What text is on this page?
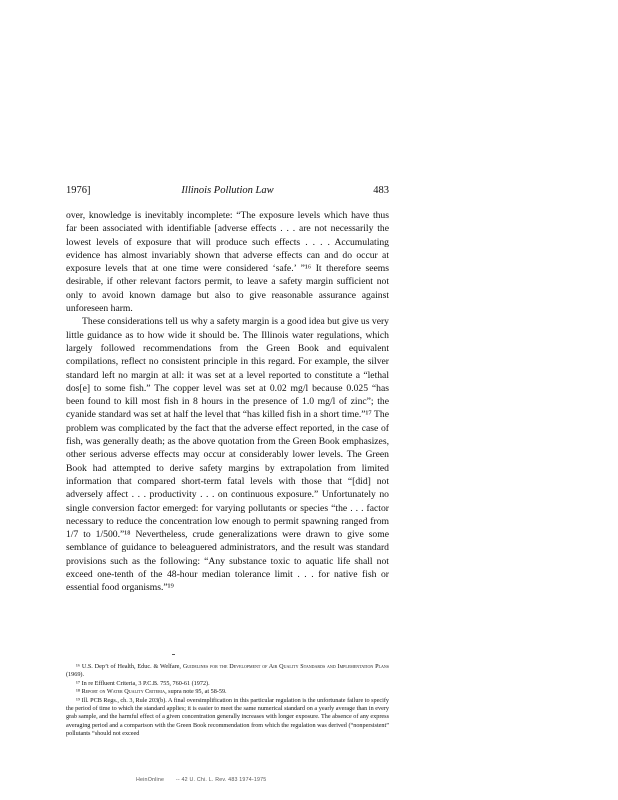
1976]	Illinois Pollution Law	483

over, knowledge is inevitably incomplete: “The exposure levels which have thus far been associated with identifiable [adverse effects . . . are not necessarily the lowest levels of exposure that will produce such effects . . . . Accumulating evidence has almost invariably shown that adverse effects can and do occur at exposure levels that at one time were considered ‘safe.’ ”¹⁶ It therefore seems desirable, if other relevant factors permit, to leave a safety margin sufficient not only to avoid known damage but also to give reasonable assurance against unforeseen harm.

These considerations tell us why a safety margin is a good idea but give us very little guidance as to how wide it should be. The Illinois water regulations, which largely followed recommendations from the Green Book and equivalent compilations, reflect no consistent principle in this regard. For example, the silver standard left no margin at all: it was set at a level reported to constitute a “lethal dos[e] to some fish.” The copper level was set at 0.02 mg/l because 0.025 “has been found to kill most fish in 8 hours in the presence of 1.0 mg/l of zinc”; the cyanide standard was set at half the level that “has killed fish in a short time.”¹⁷ The problem was complicated by the fact that the adverse effect reported, in the case of fish, was generally death; as the above quotation from the Green Book emphasizes, other serious adverse effects may occur at considerably lower levels. The Green Book had attempted to derive safety margins by extrapolation from limited information that compared short-term fatal levels with those that “[did] not adversely affect . . . productivity . . . on continuous exposure.” Unfortunately no single conversion factor emerged: for varying pollutants or species “the . . . factor necessary to reduce the concentration low enough to permit spawning ranged from 1/7 to 1/500.”¹⁸ Nevertheless, crude generalizations were drawn to give some semblance of guidance to beleaguered administrators, and the result was standard provisions such as the following: “Any substance toxic to aquatic life shall not exceed one-tenth of the 48-hour median tolerance limit . . . for native fish or essential food organisms.”¹⁹

¹⁶ U.S. Dep’t of Health, Educ. & Welfare, Guidelines for the Development of Air Quality Standards and Implementation Plans (1969).

¹⁷ In re Effluent Criteria, 3 P.C.B. 755, 760-61 (1972).

¹⁸ Report on Water Quality Criteria, supra note 95, at 58-59.

¹⁹ Ill. PCB Regs., ch. 3, Rule 203(b). A final oversimplification in this particular regulation is the unfortunate failure to specify the period of time to which the standard applies; it is easier to meet the same numerical standard on a yearly average than in every grab sample, and the harmful effect of a given concentration generally increases with longer exposure. The absence of any express averaging period and a comparison with the Green Book recommendation from which the regulation was derived (“nonpersistent” pollutants “should not exceed

HeinOnline -- 42 U. Chi. L. Rev. 483 1974-1975
